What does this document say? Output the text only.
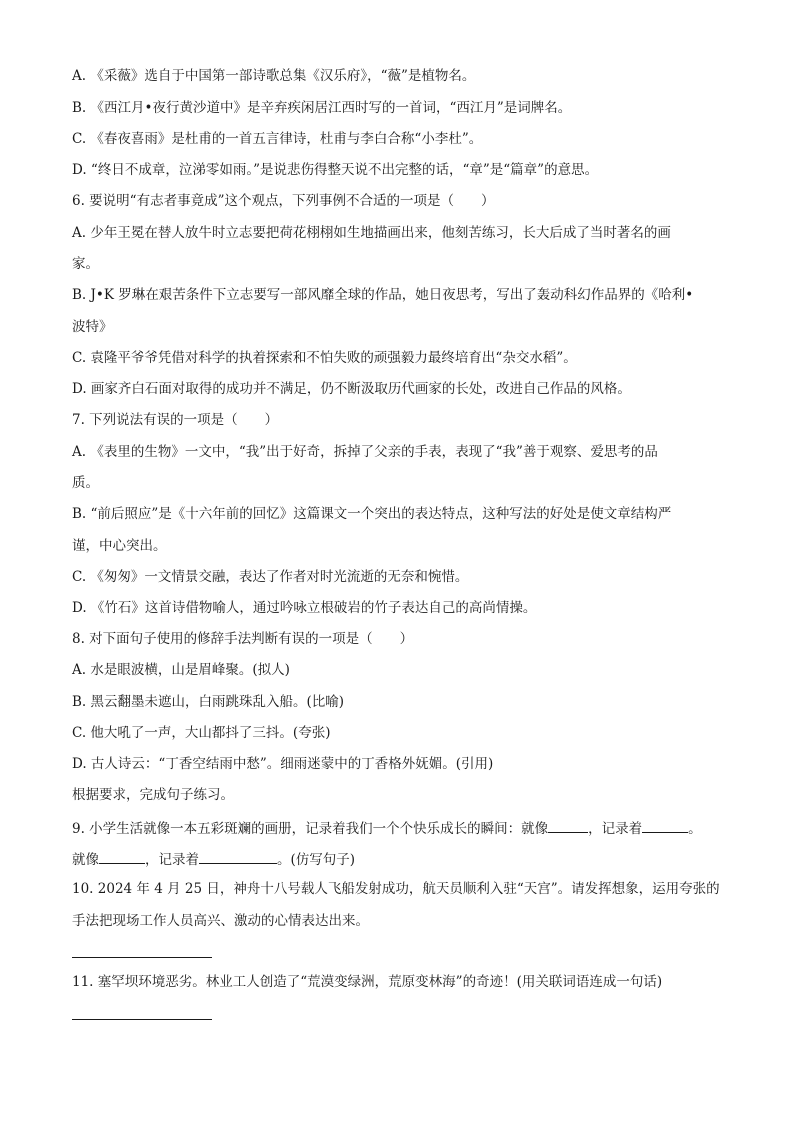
A. 《采薇》选自于中国第一部诗歌总集《汉乐府》，“薇”是植物名。
B. 《西江月•夜行黄沙道中》是辛弃疾闲居江西时写的一首词，“西江月”是词牌名。
C. 《春夜喜雨》是杜甫的一首五言律诗，杜甫与李白合称“小李杜”。
D. “终日不成章，泣涕零如雨。”是说悲伤得整天说不出完整的话，“章”是“篇章”的意思。
6. 要说明“有志者事竟成”这个观点，下列事例不合适的一项是（　　）
A. 少年王冕在替人放牛时立志要把荷花栩栩如生地描画出来，他刻苦练习，长大后成了当时著名的画
家。
B. J•K 罗琳在艰苦条件下立志要写一部风靡全球的作品，她日夜思考，写出了轰动科幻作品界的《哈利•
波特》
C. 袁隆平爷爷凭借对科学的执着探索和不怕失败的顽强毅力最终培育出“杂交水稻”。
D. 画家齐白石面对取得的成功并不满足，仍不断汲取历代画家的长处，改进自己作品的风格。
7. 下列说法有误的一项是（　　）
A. 《表里的生物》一文中，“我”出于好奇，拆掉了父亲的手表，表现了“我”善于观察、爱思考的品
质。
B. “前后照应”是《十六年前的回忆》这篇课文一个突出的表达特点，这种写法的好处是使文章结构严
谨，中心突出。
C. 《匆匆》一文情景交融，表达了作者对时光流逝的无奈和惋惜。
D. 《竹石》这首诗借物喻人，通过吟咏立根破岩的竹子表达自己的高尚情操。
8. 对下面句子使用的修辞手法判断有误的一项是（　　）
A. 水是眼波横，山是眉峰聚。(拟人)
B. 黑云翻墨未遮山，白雨跳珠乱入船。(比喻)
C. 他大吼了一声，大山都抖了三抖。(夸张)
D. 古人诗云：“丁香空结雨中愁”。细雨迷蒙中的丁香格外妩媚。(引用)
根据要求，完成句子练习。
9. 小学生活就像一本五彩斑斓的画册，记录着我们一个个快乐成长的瞬间：就像	，记录着	。
就像	，记录着	。(仿写句子)
10. 2024 年 4 月 25 日，神舟十八号载人飞船发射成功，航天员顺利入驻“天宫”。请发挥想象，运用夸张的
手法把现场工作人员高兴、激动的心情表达出来。
11. 塞罕坝环境恶劣。林业工人创造了“荒漠变绿洲，荒原变林海”的奇迹！(用关联词语连成一句话)
